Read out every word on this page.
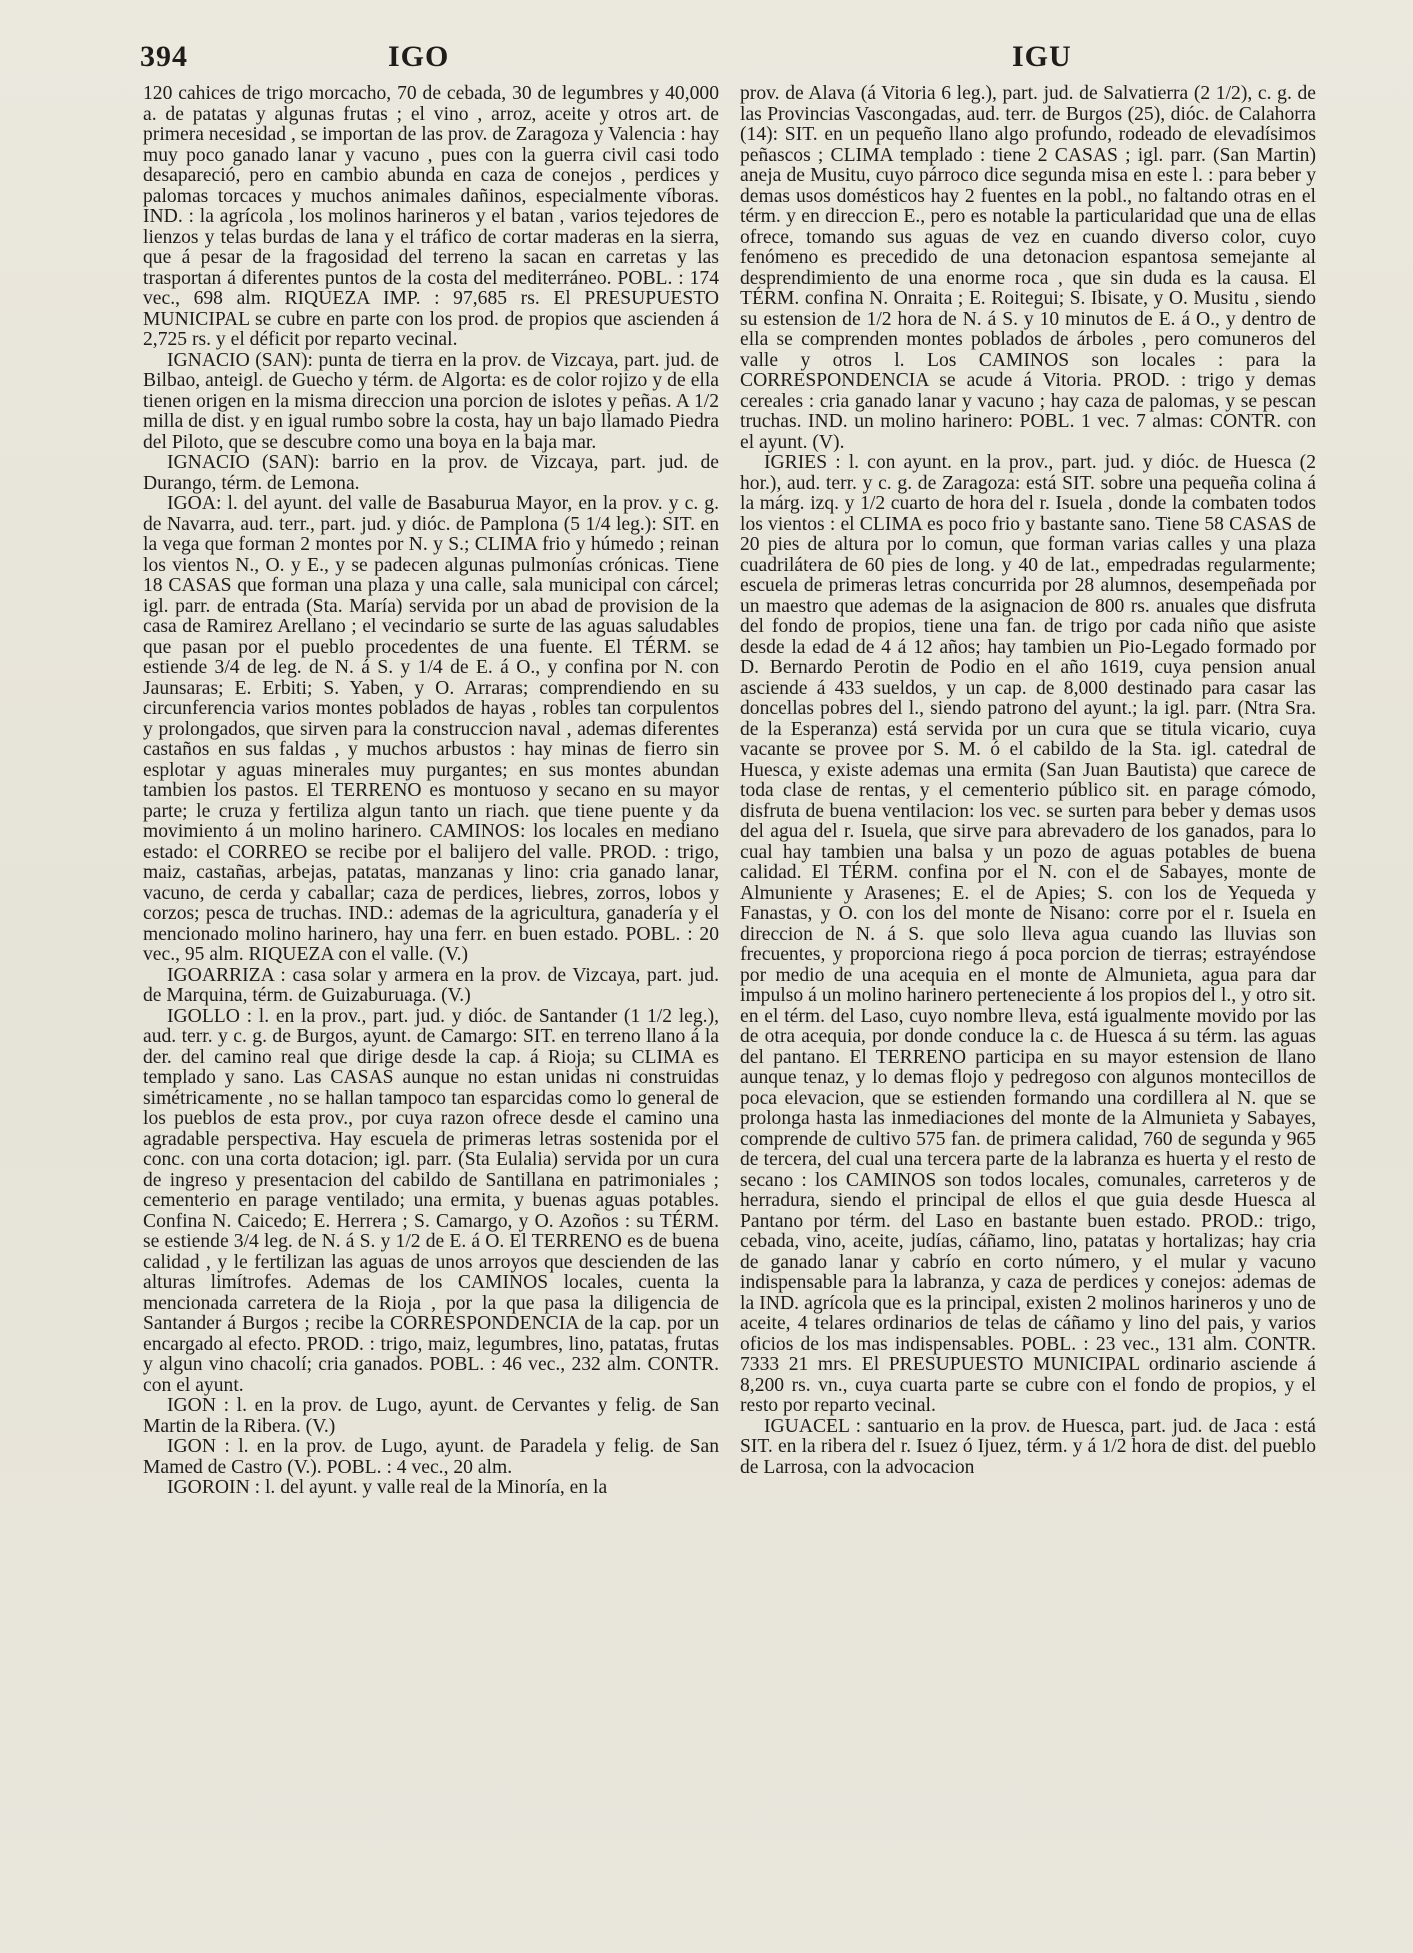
394	IGO	IGU

120 cahices de trigo morcacho, 70 de cebada, 30 de legumbres y 40,000 a. de patatas y algunas frutas ; el vino , arroz, aceite y otros art. de primera necesidad , se importan de las prov. de Zaragoza y Valencia : hay muy poco ganado lanar y vacuno , pues con la guerra civil casi todo desapareció, pero en cambio abunda en caza de conejos , perdices y palomas torcaces y muchos animales dañinos, especialmente víboras. IND. : la agrícola , los molinos harineros y el batan , varios tejedores de lienzos y telas burdas de lana y el tráfico de cortar maderas en la sierra, que á pesar de la fragosidad del terreno la sacan en carretas y las trasportan á diferentes puntos de la costa del mediterráneo. POBL. : 174 vec., 698 alm. RIQUEZA IMP. : 97,685 rs. El PRESUPUESTO MUNICIPAL se cubre en parte con los prod. de propios que ascienden á 2,725 rs. y el déficit por reparto vecinal.

IGNACIO (SAN): punta de tierra en la prov. de Vizcaya, part. jud. de Bilbao, anteigl. de Guecho y térm. de Algorta: es de color rojizo y de ella tienen origen en la misma direccion una porcion de islotes y peñas. A 1/2 milla de dist. y en igual rumbo sobre la costa, hay un bajo llamado Piedra del Piloto, que se descubre como una boya en la baja mar.

IGNACIO (SAN): barrio en la prov. de Vizcaya, part. jud. de Durango, térm. de Lemona.

IGOA: l. del ayunt. del valle de Basaburua Mayor, en la prov. y c. g. de Navarra, aud. terr., part. jud. y dióc. de Pamplona (5 1/4 leg.): SIT. en la vega que forman 2 montes por N. y S.; CLIMA frio y húmedo ; reinan los vientos N., O. y E., y se padecen algunas pulmonías crónicas. Tiene 18 CASAS que forman una plaza y una calle, sala municipal con cárcel; igl. parr. de entrada (Sta. María) servida por un abad de provision de la casa de Ramirez Arellano ; el vecindario se surte de las aguas saludables que pasan por el pueblo procedentes de una fuente. El TÉRM. se estiende 3/4 de leg. de N. á S. y 1/4 de E. á O., y confina por N. con Jaunsaras; E. Erbiti; S. Yaben, y O. Arraras; comprendiendo en su circunferencia varios montes poblados de hayas , robles tan corpulentos y prolongados, que sirven para la construccion naval , ademas diferentes castaños en sus faldas , y muchos arbustos : hay minas de fierro sin esplotar y aguas minerales muy purgantes; en sus montes abundan tambien los pastos. El TERRENO es montuoso y secano en su mayor parte; le cruza y fertiliza algun tanto un riach. que tiene puente y da movimiento á un molino harinero. CAMINOS: los locales en mediano estado: el CORREO se recibe por el balijero del valle. PROD. : trigo, maiz, castañas, arbejas, patatas, manzanas y lino: cria ganado lanar, vacuno, de cerda y caballar; caza de perdices, liebres, zorros, lobos y corzos; pesca de truchas. IND.: ademas de la agricultura, ganadería y el mencionado molino harinero, hay una ferr. en buen estado. POBL. : 20 vec., 95 alm. RIQUEZA con el valle. (V.)

IGOARRIZA : casa solar y armera en la prov. de Vizcaya, part. jud. de Marquina, térm. de Guizaburuaga. (V.)

IGOLLO : l. en la prov., part. jud. y dióc. de Santander (1 1/2 leg.), aud. terr. y c. g. de Burgos, ayunt. de Camargo: SIT. en terreno llano á la der. del camino real que dirige desde la cap. á Rioja; su CLIMA es templado y sano. Las CASAS aunque no estan unidas ni construidas simétricamente , no se hallan tampoco tan esparcidas como lo general de los pueblos de esta prov., por cuya razon ofrece desde el camino una agradable perspectiva. Hay escuela de primeras letras sostenida por el conc. con una corta dotacion; igl. parr. (Sta Eulalia) servida por un cura de ingreso y presentacion del cabildo de Santillana en patrimoniales ; cementerio en parage ventilado; una ermita, y buenas aguas potables. Confina N. Caicedo; E. Herrera ; S. Camargo, y O. Azoños : su TÉRM. se estiende 3/4 leg. de N. á S. y 1/2 de E. á O. El TERRENO es de buena calidad , y le fertilizan las aguas de unos arroyos que descienden de las alturas limítrofes. Ademas de los CAMINOS locales, cuenta la mencionada carretera de la Rioja , por la que pasa la diligencia de Santander á Burgos ; recibe la CORRESPONDENCIA de la cap. por un encargado al efecto. PROD. : trigo, maiz, legumbres, lino, patatas, frutas y algun vino chacolí; cria ganados. POBL. : 46 vec., 232 alm. CONTR. con el ayunt.

IGON : l. en la prov. de Lugo, ayunt. de Cervantes y felig. de San Martin de la Ribera. (V.)

IGON : l. en la prov. de Lugo, ayunt. de Paradela y felig. de San Mamed de Castro (V.). POBL. : 4 vec., 20 alm.

IGOROIN : l. del ayunt. y valle real de la Minoría, en la

prov. de Alava (á Vitoria 6 leg.), part. jud. de Salvatierra (2 1/2), c. g. de las Provincias Vascongadas, aud. terr. de Burgos (25), dióc. de Calahorra (14): SIT. en un pequeño llano algo profundo, rodeado de elevadísimos peñascos ; CLIMA templado : tiene 2 CASAS ; igl. parr. (San Martin) aneja de Musitu, cuyo párroco dice segunda misa en este l. : para beber y demas usos domésticos hay 2 fuentes en la pobl., no faltando otras en el térm. y en direccion E., pero es notable la particularidad que una de ellas ofrece, tomando sus aguas de vez en cuando diverso color, cuyo fenómeno es precedido de una detonacion espantosa semejante al desprendimiento de una enorme roca , que sin duda es la causa. El TÉRM. confina N. Onraita ; E. Roitegui; S. Ibisate, y O. Musitu , siendo su estension de 1/2 hora de N. á S. y 10 minutos de E. á O., y dentro de ella se comprenden montes poblados de árboles , pero comuneros del valle y otros l. Los CAMINOS son locales : para la CORRESPONDENCIA se acude á Vitoria. PROD. : trigo y demas cereales : cria ganado lanar y vacuno ; hay caza de palomas, y se pescan truchas. IND. un molino harinero: POBL. 1 vec. 7 almas: CONTR. con el ayunt. (V).

IGRIES : l. con ayunt. en la prov., part. jud. y dióc. de Huesca (2 hor.), aud. terr. y c. g. de Zaragoza: está SIT. sobre una pequeña colina á la márg. izq. y 1/2 cuarto de hora del r. Isuela , donde la combaten todos los vientos : el CLIMA es poco frio y bastante sano. Tiene 58 CASAS de 20 pies de altura por lo comun, que forman varias calles y una plaza cuadrilátera de 60 pies de long. y 40 de lat., empedradas regularmente; escuela de primeras letras concurrida por 28 alumnos, desempeñada por un maestro que ademas de la asignacion de 800 rs. anuales que disfruta del fondo de propios, tiene una fan. de trigo por cada niño que asiste desde la edad de 4 á 12 años; hay tambien un Pio-Legado formado por D. Bernardo Perotin de Podio en el año 1619, cuya pension anual asciende á 433 sueldos, y un cap. de 8,000 destinado para casar las doncellas pobres del l., siendo patrono del ayunt.; la igl. parr. (Ntra Sra. de la Esperanza) está servida por un cura que se titula vicario, cuya vacante se provee por S. M. ó el cabildo de la Sta. igl. catedral de Huesca, y existe ademas una ermita (San Juan Bautista) que carece de toda clase de rentas, y el cementerio público sit. en parage cómodo, disfruta de buena ventilacion: los vec. se surten para beber y demas usos del agua del r. Isuela, que sirve para abrevadero de los ganados, para lo cual hay tambien una balsa y un pozo de aguas potables de buena calidad. El TÉRM. confina por el N. con el de Sabayes, monte de Almuniente y Arasenes; E. el de Apies; S. con los de Yequeda y Fanastas, y O. con los del monte de Nisano: corre por el r. Isuela en direccion de N. á S. que solo lleva agua cuando las lluvias son frecuentes, y proporciona riego á poca porcion de tierras; estrayéndose por medio de una acequia en el monte de Almunieta, agua para dar impulso á un molino harinero perteneciente á los propios del l., y otro sit. en el térm. del Laso, cuyo nombre lleva, está igualmente movido por las de otra acequia, por donde conduce la c. de Huesca á su térm. las aguas del pantano. El TERRENO participa en su mayor estension de llano aunque tenaz, y lo demas flojo y pedregoso con algunos montecillos de poca elevacion, que se estienden formando una cordillera al N. que se prolonga hasta las inmediaciones del monte de la Almunieta y Sabayes, comprende de cultivo 575 fan. de primera calidad, 760 de segunda y 965 de tercera, del cual una tercera parte de la labranza es huerta y el resto de secano : los CAMINOS son todos locales, comunales, carreteros y de herradura, siendo el principal de ellos el que guia desde Huesca al Pantano por térm. del Laso en bastante buen estado. PROD.: trigo, cebada, vino, aceite, judías, cáñamo, lino, patatas y hortalizas; hay cria de ganado lanar y cabrío en corto número, y el mular y vacuno indispensable para la labranza, y caza de perdices y conejos: ademas de la IND. agrícola que es la principal, existen 2 molinos harineros y uno de aceite, 4 telares ordinarios de telas de cáñamo y lino del pais, y varios oficios de los mas indispensables. POBL. : 23 vec., 131 alm. CONTR. 7333 21 mrs. El PRESUPUESTO MUNICIPAL ordinario asciende á 8,200 rs. vn., cuya cuarta parte se cubre con el fondo de propios, y el resto por reparto vecinal.

IGUACEL : santuario en la prov. de Huesca, part. jud. de Jaca : está SIT. en la ribera del r. Isuez ó Ijuez, térm. y á 1/2 hora de dist. del pueblo de Larrosa, con la advocacion
